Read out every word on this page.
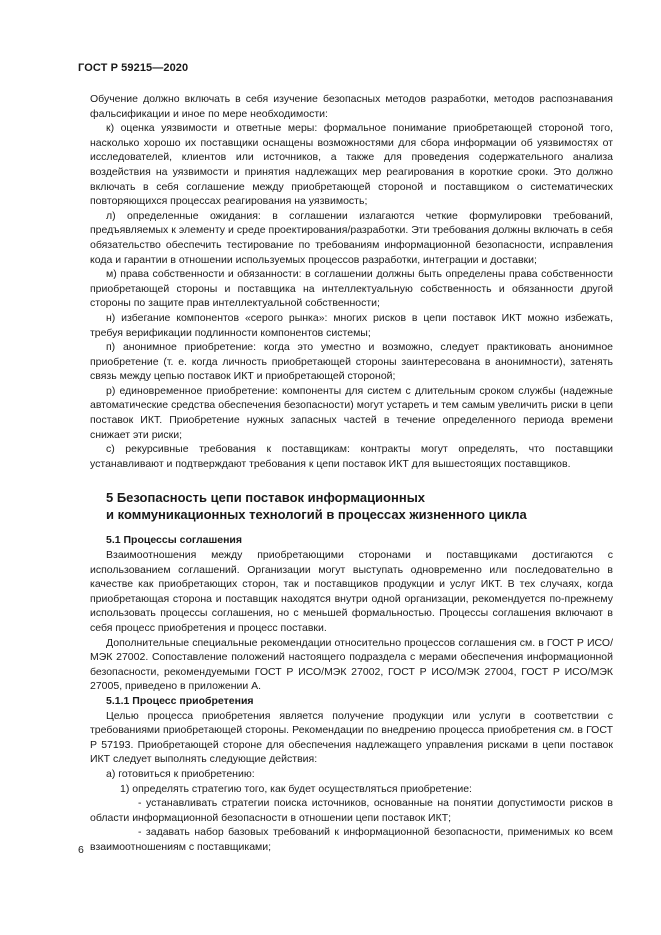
ГОСТ Р 59215—2020

Обучение должно включать в себя изучение безопасных методов разработки, методов распознавания фальсификации и иное по мере необходимости:

к) оценка уязвимости и ответные меры: формальное понимание приобретающей стороной того, насколько хорошо их поставщики оснащены возможностями для сбора информации об уязвимостях от исследователей, клиентов или источников, а также для проведения содержательного анализа воздействия на уязвимости и принятия надлежащих мер реагирования в короткие сроки. Это должно включать в себя соглашение между приобретающей стороной и поставщиком о систематических повторяющихся процессах реагирования на уязвимость;

л) определенные ожидания: в соглашении излагаются четкие формулировки требований, предъявляемых к элементу и среде проектирования/разработки. Эти требования должны включать в себя обязательство обеспечить тестирование по требованиям информационной безопасности, исправления кода и гарантии в отношении используемых процессов разработки, интеграции и доставки;

м) права собственности и обязанности: в соглашении должны быть определены права собственности приобретающей стороны и поставщика на интеллектуальную собственность и обязанности другой стороны по защите прав интеллектуальной собственности;

н) избегание компонентов «серого рынка»: многих рисков в цепи поставок ИКТ можно избежать, требуя верификации подлинности компонентов системы;

п) анонимное приобретение: когда это уместно и возможно, следует практиковать анонимное приобретение (т. е. когда личность приобретающей стороны заинтересована в анонимности), затенять связь между цепью поставок ИКТ и приобретающей стороной;

р) единовременное приобретение: компоненты для систем с длительным сроком службы (надежные автоматические средства обеспечения безопасности) могут устареть и тем самым увеличить риски в цепи поставок ИКТ. Приобретение нужных запасных частей в течение определенного периода времени снижает эти риски;

с) рекурсивные требования к поставщикам: контракты могут определять, что поставщики устанавливают и подтверждают требования к цепи поставок ИКТ для вышестоящих поставщиков.

5 Безопасность цепи поставок информационных
и коммуникационных технологий в процессах жизненного цикла

5.1 Процессы соглашения

Взаимоотношения между приобретающими сторонами и поставщиками достигаются с использованием соглашений. Организации могут выступать одновременно или последовательно в качестве как приобретающих сторон, так и поставщиков продукции и услуг ИКТ. В тех случаях, когда приобретающая сторона и поставщик находятся внутри одной организации, рекомендуется по-прежнему использовать процессы соглашения, но с меньшей формальностью. Процессы соглашения включают в себя процесс приобретения и процесс поставки.

Дополнительные специальные рекомендации относительно процессов соглашения см. в ГОСТ Р ИСО/МЭК 27002. Сопоставление положений настоящего подраздела с мерами обеспечения информационной безопасности, рекомендуемыми ГОСТ Р ИСО/МЭК 27002, ГОСТ Р ИСО/МЭК 27004, ГОСТ Р ИСО/МЭК 27005, приведено в приложении А.

5.1.1 Процесс приобретения

Целью процесса приобретения является получение продукции или услуги в соответствии с требованиями приобретающей стороны. Рекомендации по внедрению процесса приобретения см. в ГОСТ Р 57193. Приобретающей стороне для обеспечения надлежащего управления рисками в цепи поставок ИКТ следует выполнять следующие действия:

а) готовиться к приобретению:

1) определять стратегию того, как будет осуществляться приобретение:

- устанавливать стратегии поиска источников, основанные на понятии допустимости рисков в области информационной безопасности в отношении цепи поставок ИКТ;

- задавать набор базовых требований к информационной безопасности, применимых ко всем взаимоотношениям с поставщиками;

6
